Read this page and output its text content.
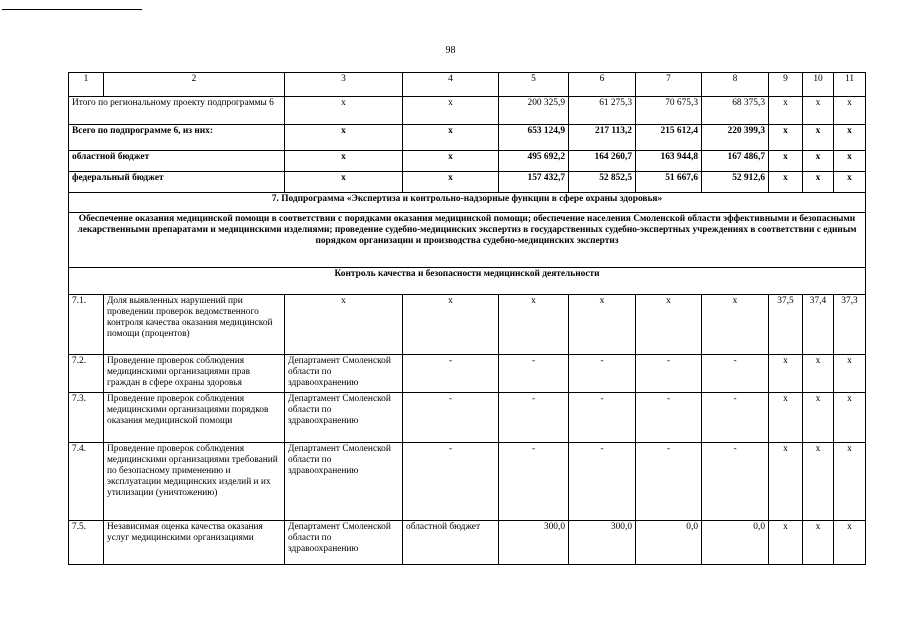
98
1	2	3	4	5	6	7	8	9	10	11
Итого по региональному проекту подпрограммы 6		x	x	200 325,9	61 275,3	70 675,3	68 375,3	x	x	x
Всего по подпрограмме 6, из них:		x	x	653 124,9	217 113,2	215 612,4	220 399,3	x	x	x
областной бюджет		x	x	495 692,2	164 260,7	163 944,8	167 486,7	x	x	x
федеральный бюджет		x	x	157 432,7	52 852,5	51 667,6	52 912,6	x	x	x
7. Подпрограмма «Экспертиза и контрольно-надзорные функции в сфере охраны здоровья»										
Обеспечение оказания медицинской помощи в соответствии с порядками оказания медицинской помощи; обеспечение населения Смоленской области эффективными и безопасными лекарственными препаратами и медицинскими изделиями; проведение судебно-медицинских экспертиз в государственных судебно-экспертных учреждениях в соответствии с единым порядком организации и производства судебно-медицинских экспертиз										
Контроль качества и безопасности медицинской деятельности										
7.1.	Доля выявленных нарушений при проведении проверок ведомственного контроля качества оказания медицинской помощи (процентов)	x	x	x	x	x	x	37,5	37,4	37,3
7.2.	Проведение проверок соблюдения медицинскими организациями прав граждан в сфере охраны здоровья	Департамент Смоленской области по здравоохранению	-	-	-	-	-	x	x	x
7.3.	Проведение проверок соблюдения медицинскими организациями порядков оказания медицинской помощи	Департамент Смоленской области по здравоохранению	-	-	-	-	-	x	x	x
7.4.	Проведение проверок соблюдения медицинскими организациями требований по безопасному применению и эксплуатации медицинских изделий и их утилизации (уничтожению)	Департамент Смоленской области по здравоохранению	-	-	-	-	-	x	x	x
7.5.	Независимая оценка качества оказания услуг медицинскими организациями	Департамент Смоленской области по здравоохранению	областной бюджет	300,0	300,0	0,0	0,0	x	x	x
